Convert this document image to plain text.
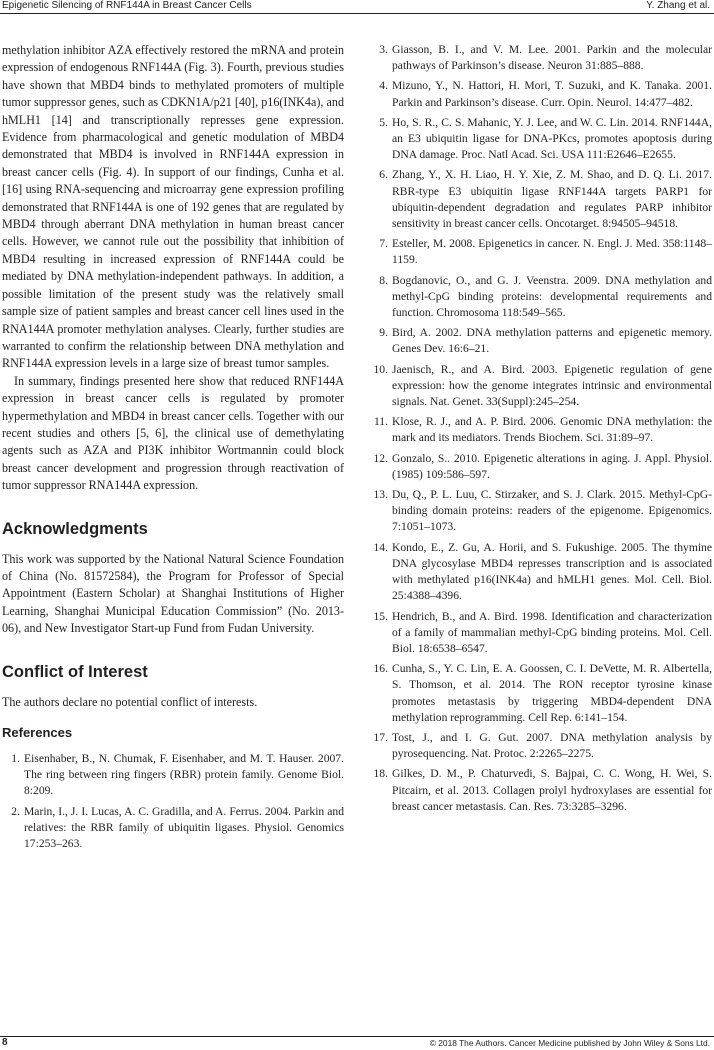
Epigenetic Silencing of RNF144A in Breast Cancer Cells	Y. Zhang et al.

methylation inhibitor AZA effectively restored the mRNA and protein expression of endogenous RNF144A (Fig. 3). Fourth, previous studies have shown that MBD4 binds to methylated promoters of multiple tumor suppressor genes, such as CDKN1A/p21 [40], p16(INK4a), and hMLH1 [14] and transcriptionally represses gene expression. Evidence from pharmacological and genetic modulation of MBD4 demonstrated that MBD4 is involved in RNF144A expression in breast cancer cells (Fig. 4). In support of our findings, Cunha et al. [16] using RNA-sequencing and microarray gene expression profiling demonstrated that RNF144A is one of 192 genes that are regulated by MBD4 through aberrant DNA methylation in human breast cancer cells. However, we cannot rule out the possibility that inhibition of MBD4 resulting in increased expression of RNF144A could be mediated by DNA methylation-independent pathways. In addition, a possible limitation of the present study was the relatively small sample size of patient samples and breast cancer cell lines used in the RNA144A promoter methylation analyses. Clearly, further studies are warranted to confirm the relationship between DNA methylation and RNF144A expression levels in a large size of breast tumor samples.

In summary, findings presented here show that reduced RNF144A expression in breast cancer cells is regulated by promoter hypermethylation and MBD4 in breast cancer cells. Together with our recent studies and others [5, 6], the clinical use of demethylating agents such as AZA and PI3K inhibitor Wortmannin could block breast cancer development and progression through reactivation of tumor suppressor RNA144A expression.

Acknowledgments

This work was supported by the National Natural Science Foundation of China (No. 81572584), the Program for Professor of Special Appointment (Eastern Scholar) at Shanghai Institutions of Higher Learning, Shanghai Municipal Education Commission” (No. 2013-06), and New Investigator Start-up Fund from Fudan University.

Conflict of Interest

The authors declare no potential conflict of interests.

References
1. Eisenhaber, B., N. Chumak, F. Eisenhaber, and M. T. Hauser. 2007. The ring between ring fingers (RBR) protein family. Genome Biol. 8:209.
2. Marin, I., J. I. Lucas, A. C. Gradilla, and A. Ferrus. 2004. Parkin and relatives: the RBR family of ubiquitin ligases. Physiol. Genomics 17:253–263.
3. Giasson, B. I., and V. M. Lee. 2001. Parkin and the molecular pathways of Parkinson’s disease. Neuron 31:885–888.
4. Mizuno, Y., N. Hattori, H. Mori, T. Suzuki, and K. Tanaka. 2001. Parkin and Parkinson’s disease. Curr. Opin. Neurol. 14:477–482.
5. Ho, S. R., C. S. Mahanic, Y. J. Lee, and W. C. Lin. 2014. RNF144A, an E3 ubiquitin ligase for DNA-PKcs, promotes apoptosis during DNA damage. Proc. Natl Acad. Sci. USA 111:E2646–E2655.
6. Zhang, Y., X. H. Liao, H. Y. Xie, Z. M. Shao, and D. Q. Li. 2017. RBR-type E3 ubiquitin ligase RNF144A targets PARP1 for ubiquitin-dependent degradation and regulates PARP inhibitor sensitivity in breast cancer cells. Oncotarget. 8:94505–94518.
7. Esteller, M. 2008. Epigenetics in cancer. N. Engl. J. Med. 358:1148–1159.
8. Bogdanovic, O., and G. J. Veenstra. 2009. DNA methylation and methyl-CpG binding proteins: developmental requirements and function. Chromosoma 118:549–565.
9. Bird, A. 2002. DNA methylation patterns and epigenetic memory. Genes Dev. 16:6–21.
10. Jaenisch, R., and A. Bird. 2003. Epigenetic regulation of gene expression: how the genome integrates intrinsic and environmental signals. Nat. Genet. 33(Suppl):245–254.
11. Klose, R. J., and A. P. Bird. 2006. Genomic DNA methylation: the mark and its mediators. Trends Biochem. Sci. 31:89–97.
12. Gonzalo, S.. 2010. Epigenetic alterations in aging. J. Appl. Physiol. (1985) 109:586–597.
13. Du, Q., P. L. Luu, C. Stirzaker, and S. J. Clark. 2015. Methyl-CpG-binding domain proteins: readers of the epigenome. Epigenomics. 7:1051–1073.
14. Kondo, E., Z. Gu, A. Horii, and S. Fukushige. 2005. The thymine DNA glycosylase MBD4 represses transcription and is associated with methylated p16(INK4a) and hMLH1 genes. Mol. Cell. Biol. 25:4388–4396.
15. Hendrich, B., and A. Bird. 1998. Identification and characterization of a family of mammalian methyl-CpG binding proteins. Mol. Cell. Biol. 18:6538–6547.
16. Cunha, S., Y. C. Lin, E. A. Goossen, C. I. DeVette, M. R. Albertella, S. Thomson, et al. 2014. The RON receptor tyrosine kinase promotes metastasis by triggering MBD4-dependent DNA methylation reprogramming. Cell Rep. 6:141–154.
17. Tost, J., and I. G. Gut. 2007. DNA methylation analysis by pyrosequencing. Nat. Protoc. 2:2265–2275.
18. Gilkes, D. M., P. Chaturvedi, S. Bajpai, C. C. Wong, H. Wei, S. Pitcairn, et al. 2013. Collagen prolyl hydroxylases are essential for breast cancer metastasis. Can. Res. 73:3285–3296.
8	© 2018 The Authors. Cancer Medicine published by John Wiley & Sons Ltd.
